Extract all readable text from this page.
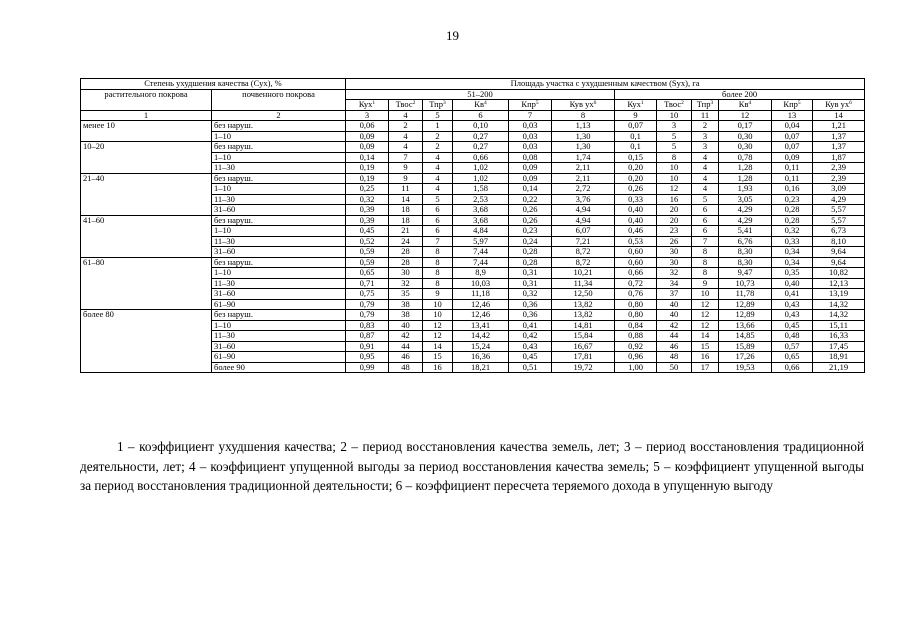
19
Степень ухудшения качества (Сух), %		Площадь участка с ухудшенным качеством (Sух), га											
растительного покрова	почвенного покрова	51–200						более 200					
		Кух$^1$	Твос$^2$	Тпр$^3$	$Кв^4$	Кпр$^5$	Кув $ух^6$	Кух$^1$	Твос$^2$	Тпр$^3$	$Кв^4$	Кпр$^5$	Кув $ух^6$
1	2	3	4	5	6	7	8	9	10	11	12	13	14
менее 10	без наруш.	0,06	2	1	0,10	0,03	1,13	0,07	3	2	0,17	0,04	1,21
	1–10	0,09	4	2	0,27	0,03	1,30	0,1	5	3	0,30	0,07	1,37
10–20	без наруш.	0,09	4	2	0,27	0,03	1,30	0,1	5	3	0,30	0,07	1,37
	1–10	0,14	7	4	0,66	0,08	1,74	0,15	8	4	0,78	0,09	1,87
	11–30	0,19	9	4	1,02	0,09	2,11	0,20	10	4	1,28	0,11	2,39
21–40	без наруш.	0,19	9	4	1,02	0,09	2,11	0,20	10	4	1,28	0,11	2,39
	1–10	0,25	11	4	1,58	0,14	2,72	0,26	12	4	1,93	0,16	3,09
	11–30	0,32	14	5	2,53	0,22	3,76	0,33	16	5	3,05	0,23	4,29
	31–60	0,39	18	6	3,68	0,26	4,94	0,40	20	6	4,29	0,28	5,57
41–60	без наруш.	0,39	18	6	3,68	0,26	4,94	0,40	20	6	4,29	0,28	5,57
	1–10	0,45	21	6	4,84	0,23	6,07	0,46	23	6	5,41	0,32	6,73
	11–30	0,52	24	7	5,97	0,24	7,21	0,53	26	7	6,76	0,33	8,10
	31–60	0,59	28	8	7,44	0,28	8,72	0,60	30	8	8,30	0,34	9,64
61–80	без наруш.	0,59	28	8	7,44	0,28	8,72	0,60	30	8	8,30	0,34	9,64
	1–10	0,65	30	8	8,9	0,31	10,21	0,66	32	8	9,47	0,35	10,82
	11–30	0,71	32	8	10,03	0,31	11,34	0,72	34	9	10,73	0,40	12,13
	31–60	0,75	35	9	11,18	0,32	12,50	0,76	37	10	11,78	0,41	13,19
	61–90	0,79	38	10	12,46	0,36	13,82	0,80	40	12	12,89	0,43	14,32
более 80	без наруш.	0,79	38	10	12,46	0,36	13,82	0,80	40	12	12,89	0,43	14,32
	1–10	0,83	40	12	13,41	0,41	14,81	0,84	42	12	13,66	0,45	15,11
	11–30	0,87	42	12	14,42	0,42	15,84	0,88	44	14	14,85	0,48	16,33
	31–60	0,91	44	14	15,24	0,43	16,67	0,92	46	15	15,89	0,57	17,45
	61–90	0,95	46	15	16,36	0,45	17,81	0,96	48	16	17,26	0,65	18,91
	более 90	0,99	48	16	18,21	0,51	19,72	1,00	50	17	19,53	0,66	21,19
1 – коэффициент ухудшения качества; 2 – период восстановления качества земель, лет; 3 – период восстановления традиционной деятельности, лет; 4 – коэффициент упущенной выгоды за период восстановления качества земель; 5 – коэффициент упущенной выгоды за период восстановления традиционной деятельности; 6 – коэффициент пересчета теряемого дохода в упущенную выгоду
